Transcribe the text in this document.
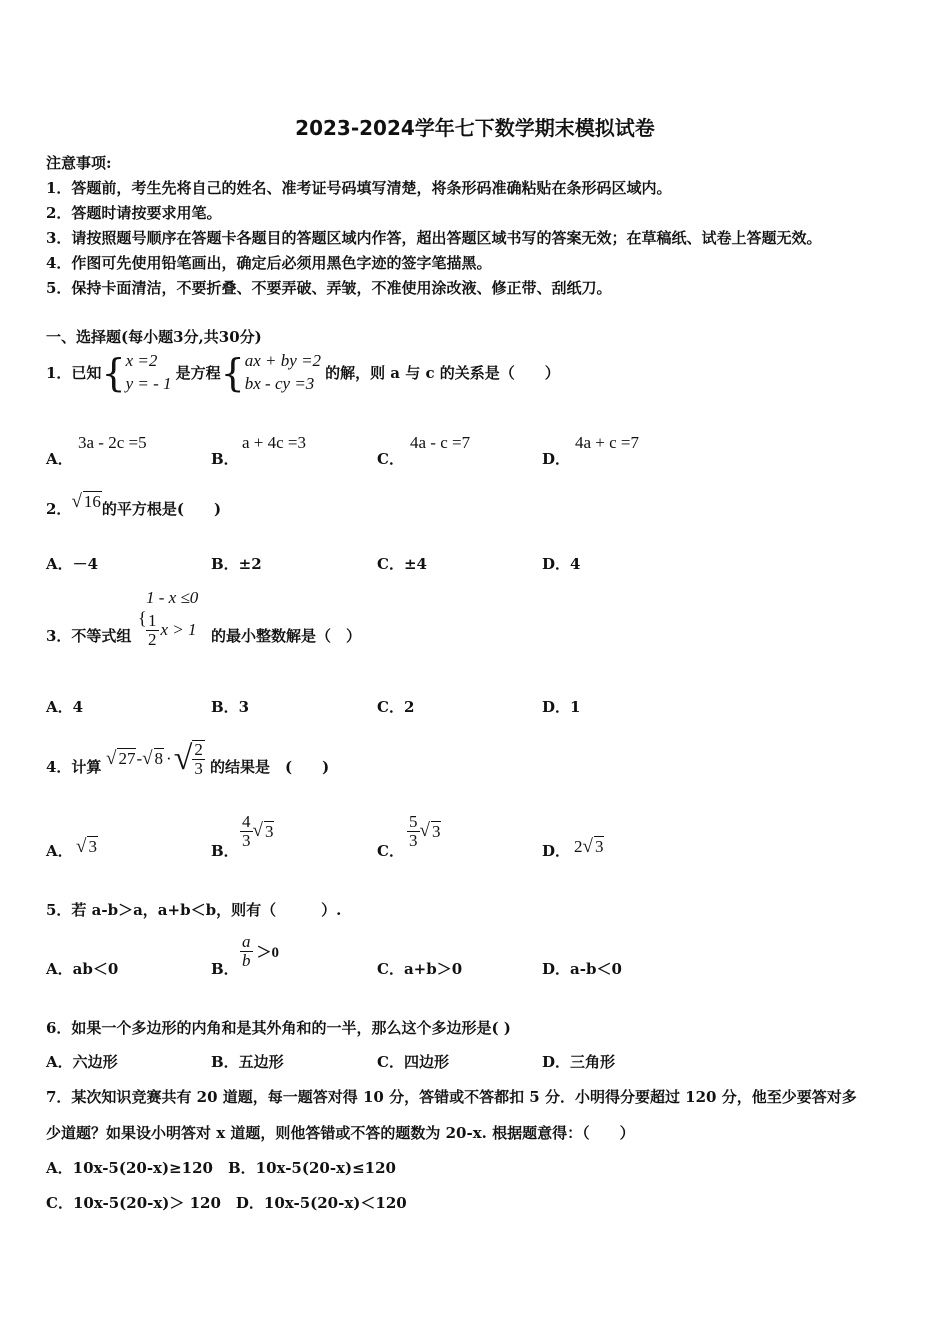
2023-2024学年七下数学期末模拟试卷
注意事项:
1．答题前，考生先将自己的姓名、准考证号码填写清楚，将条形码准确粘贴在条形码区域内。
2．答题时请按要求用笔。
3．请按照题号顺序在答题卡各题目的答题区域内作答，超出答题区域书写的答案无效；在草稿纸、试卷上答题无效。
4．作图可先使用铅笔画出，确定后必须用黑色字迹的签字笔描黑。
5．保持卡面清洁，不要折叠、不要弄破、弄皱，不准使用涂改液、修正带、刮纸刀。
一、选择题(每小题3分,共30分)
1．已知 { x =2
y = - 1
是方程 { ax + by =2
bx - cy =3
的解，则 a 与 c 的关系是（　　）
A．
3a - 2c =5
B．
a + 4c =3
C．
4a - c =7
D．
4a + c =7
2． √ 16 的平方根是(　　)
A．－4	B．±2	C．±4	D．4
1 - x ≤0
3．不等式组
{ $\frac{1}{2}$ x > 1 的最小整数解是（　）
A．4	B．3	C．2	D．1
4．计算 √ 27 - √ 8 · √ $\frac{2}{3}$ 的结果是　(　　)
A． √ 3	B．
$\frac{4}{3}$ √ 3
C．
$\frac{5}{3}$ √ 3
D． 2√ 3
5．若 a-b＞a，a+b＜b，则有（　　　）.
A．ab＜0	B． $\frac{a}{b} >0$
C．a+b＞0	D．a-b＜0
6．如果一个多边形的内角和是其外角和的一半，那么这个多边形是( )
A．六边形	B．五边形	C．四边形	D．三角形
7．某次知识竞赛共有 20 道题，每一题答对得 10 分，答错或不答都扣 5 分．小明得分要超过 120 分，他至少要答对多
少道题？如果设小明答对 x 道题，则他答错或不答的题数为 20-x. 根据题意得：（　　）
A．10x-5(20-x)≥120　B．10x-5(20-x)≤120
C．10x-5(20-x)＞ 120　D．10x-5(20-x)＜120
